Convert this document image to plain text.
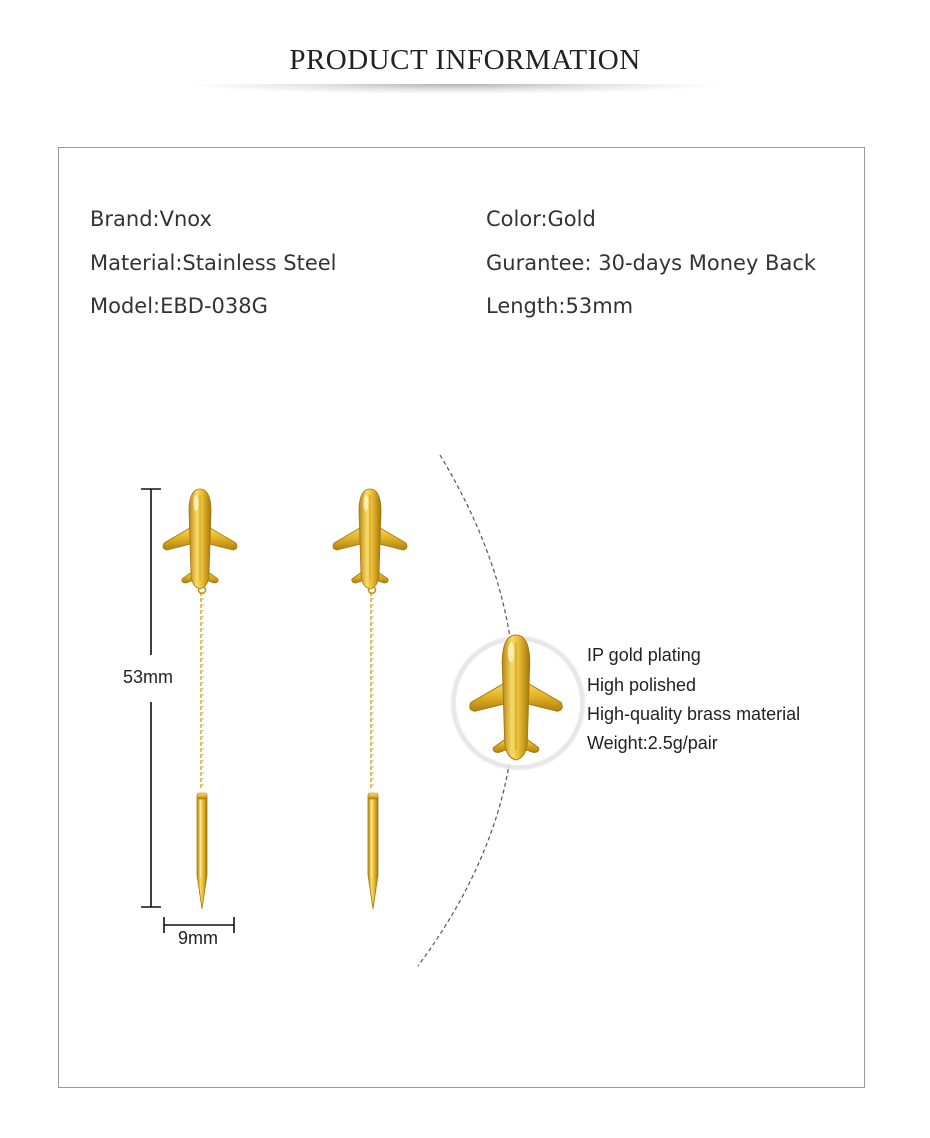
PRODUCT INFORMATION
Brand:Vnox
Material:Stainless Steel
Model:EBD-038G
Color:Gold
Gurantee: 30-days Money Back
Length:53mm
53mm
9mm
IP gold plating
High polished
High-quality brass material
Weight:2.5g/pair
